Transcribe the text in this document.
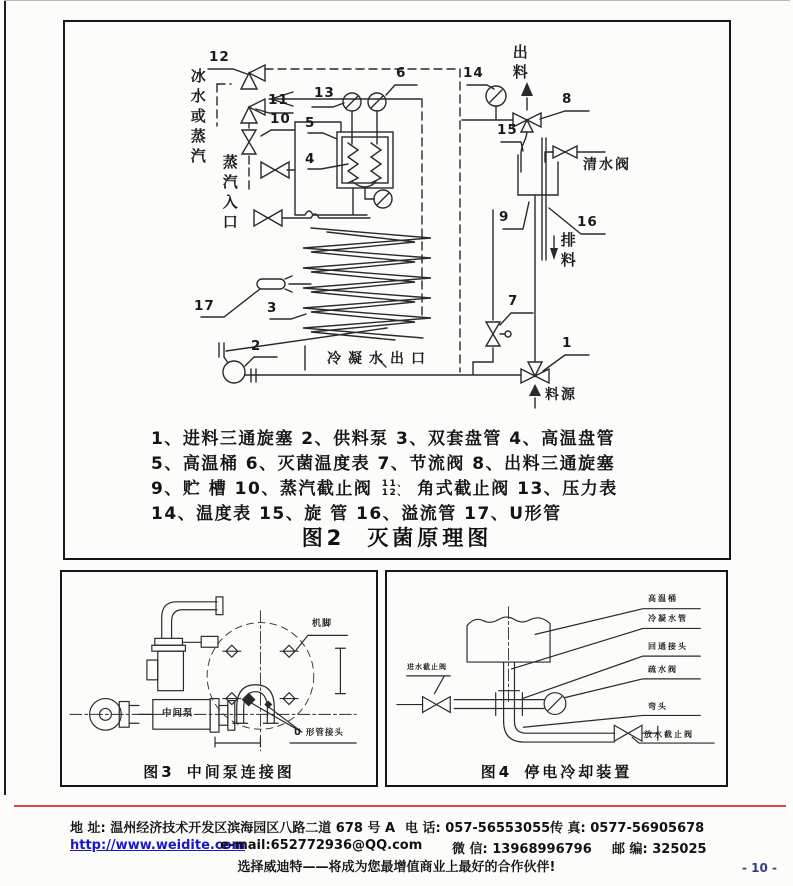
12
11
10
13
6
5
4
17	3
2
7
1
8
14
15
16
9
冰水或蒸汽
蒸汽入口
出料
排料
清水阀
冷凝水出口
料源
1、进料三通旋塞 2、供料泵 3、双套盘管 4、高温盘管
5、高温桶 6、灭菌温度表 7、节流阀 8、出料三通旋塞
9、贮 槽 10、蒸汽截止阀 11、
12、 角式截止阀 13、压力表
14、温度表 15、旋 管 16、溢流管 17、U形管
图2 灭菌原理图
机脚
中间泵
U 形管接头
图3 中间泵连接图
进水截止阀
高温桶
冷凝水管
回通接头
疏水阀
弯头
放水截止阀
图4 停电冷却装置
地 址: 温州经济技术开发区滨海园区八路二道 678 号 A 电 话: 057-56553055 传 真: 0577-56905678
http://www.weidite.com
e-mail:652772936@QQ.com 微 信: 13968996796 邮 编: 325025
选择威迪特——将成为您最增值商业上最好的合作伙伴!	- 10 -
